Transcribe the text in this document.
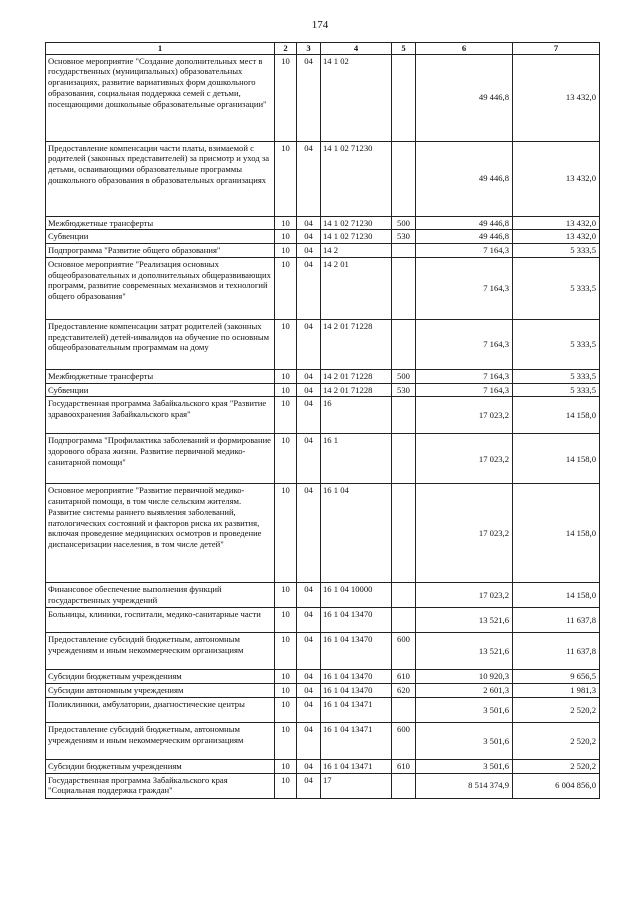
174
1	2	3	4	5	6	7
Основное мероприятие "Создание дополнительных мест в государственных (муниципальных) образовательных организациях, развитие вариативных форм дошкольного образования, социальная поддержка семей с детьми, посещающими дошкольные образовательные организации"	10	04	14 1 02		49 446,8	13 432,0
Предоставление компенсации части платы, взимаемой с родителей (законных представителей) за присмотр и уход за детьми, осваивающими образовательные программы дошкольного образования в образовательных организациях	10	04	14 1 02 71230		49 446,8	13 432,0
Межбюджетные трансферты	10	04	14 1 02 71230	500	49 446,8	13 432,0
Субвенции	10	04	14 1 02 71230	530	49 446,8	13 432,0
Подпрограмма "Развитие общего образования"	10	04	14 2		7 164,3	5 333,5
Основное мероприятие "Реализация основных общеобразовательных и дополнительных общеразвивающих программ, развитие современных механизмов и технологий общего образования"	10	04	14 2 01		7 164,3	5 333,5
Предоставление компенсации затрат родителей (законных представителей) детей-инвалидов на обучение по основным общеобразовательным программам на дому	10	04	14 2 01 71228		7 164,3	5 333,5
Межбюджетные трансферты	10	04	14 2 01 71228	500	7 164,3	5 333,5
Субвенции	10	04	14 2 01 71228	530	7 164,3	5 333,5
Государственная программа Забайкальского края "Развитие здравоохранения Забайкальского края"	10	04	16		17 023,2	14 158,0
Подпрограмма "Профилактика заболеваний и формирование здорового образа жизни. Развитие первичной медико-санитарной помощи"	10	04	16 1		17 023,2	14 158,0
Основное мероприятие "Развитие первичной медико-санитарной помощи, в том числе сельским жителям. Развитие системы раннего выявления заболеваний, патологических состояний и факторов риска их развития, включая проведение медицинских осмотров и проведение диспансеризации населения, в том числе детей"	10	04	16 1 04		17 023,2	14 158,0
Финансовое обеспечение выполнения функций государственных учреждений	10	04	16 1 04 10000		17 023,2	14 158,0
Больницы, клиники, госпитали, медико-санитарные части	10	04	16 1 04 13470		13 521,6	11 637,8
Предоставление субсидий бюджетным, автономным учреждениям и иным некоммерческим организациям	10	04	16 1 04 13470	600	13 521,6	11 637,8
Субсидии бюджетным учреждениям	10	04	16 1 04 13470	610	10 920,3	9 656,5
Субсидии автономным учреждениям	10	04	16 1 04 13470	620	2 601,3	1 981,3
Поликлиники, амбулатории, диагностические центры	10	04	16 1 04 13471		3 501,6	2 520,2
Предоставление субсидий бюджетным, автономным учреждениям и иным некоммерческим организациям	10	04	16 1 04 13471	600	3 501,6	2 520,2
Субсидии бюджетным учреждениям	10	04	16 1 04 13471	610	3 501,6	2 520,2
Государственная программа Забайкальского края "Социальная поддержка граждан"	10	04	17		8 514 374,9	6 004 856,0
